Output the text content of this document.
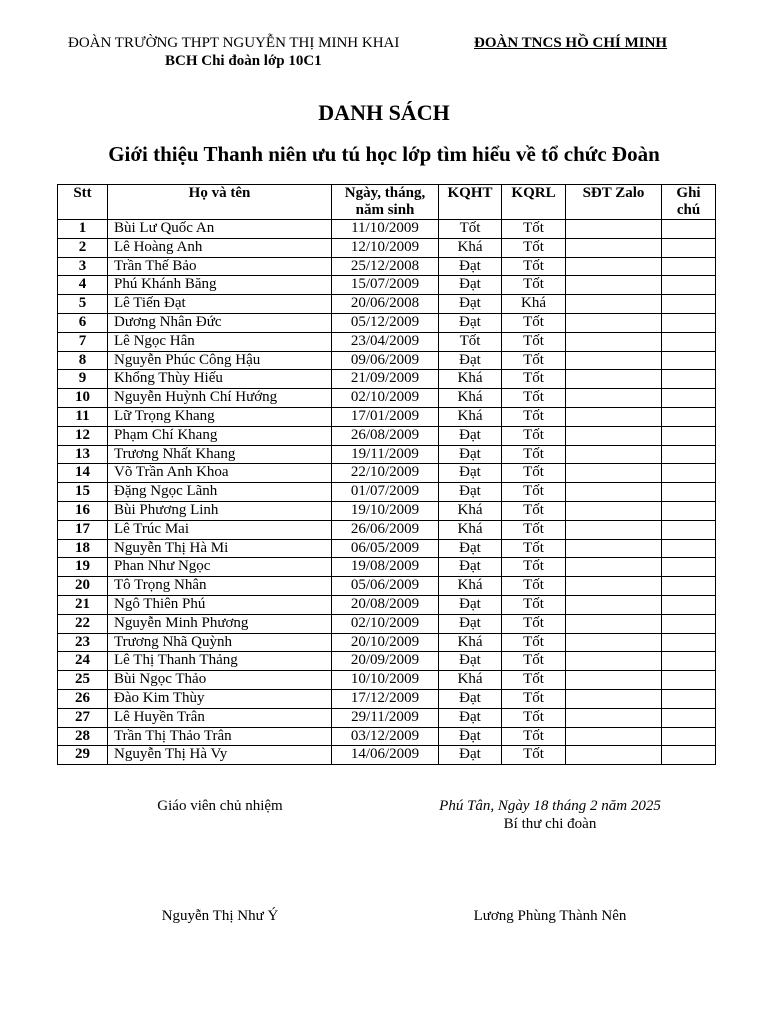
ĐOÀN TRƯỜNG THPT NGUYỄN THỊ MINH KHAI
BCH Chi đoàn lớp 10C1
ĐOÀN TNCS HỒ CHÍ MINH
DANH SÁCH
Giới thiệu Thanh niên ưu tú học lớp tìm hiểu về tổ chức Đoàn
Stt	Họ và tên	Ngày, tháng, năm sinh	KQHT	KQRL	SĐT Zalo	Ghi chú
1	Bùi Lư Quốc An	11/10/2009	Tốt	Tốt		
2	Lê Hoàng Anh	12/10/2009	Khá	Tốt		
3	Trần Thế Bảo	25/12/2008	Đạt	Tốt		
4	Phú Khánh Băng	15/07/2009	Đạt	Tốt		
5	Lê Tiến Đạt	20/06/2008	Đạt	Khá		
6	Dương Nhân Đức	05/12/2009	Đạt	Tốt		
7	Lê Ngọc Hân	23/04/2009	Tốt	Tốt		
8	Nguyễn Phúc Công Hậu	09/06/2009	Đạt	Tốt		
9	Khổng Thùy Hiếu	21/09/2009	Khá	Tốt		
10	Nguyễn Huỳnh Chí Hướng	02/10/2009	Khá	Tốt		
11	Lữ Trọng Khang	17/01/2009	Khá	Tốt		
12	Phạm Chí Khang	26/08/2009	Đạt	Tốt		
13	Trương Nhất Khang	19/11/2009	Đạt	Tốt		
14	Võ Trần Anh Khoa	22/10/2009	Đạt	Tốt		
15	Đặng Ngọc Lãnh	01/07/2009	Đạt	Tốt		
16	Bùi Phương Linh	19/10/2009	Khá	Tốt		
17	Lê Trúc Mai	26/06/2009	Khá	Tốt		
18	Nguyễn Thị Hà Mi	06/05/2009	Đạt	Tốt		
19	Phan Như Ngọc	19/08/2009	Đạt	Tốt		
20	Tô Trọng Nhân	05/06/2009	Khá	Tốt		
21	Ngô Thiên Phú	20/08/2009	Đạt	Tốt		
22	Nguyễn Minh Phương	02/10/2009	Đạt	Tốt		
23	Trương Nhã Quỳnh	20/10/2009	Khá	Tốt		
24	Lê Thị Thanh Thảng	20/09/2009	Đạt	Tốt		
25	Bùi Ngọc Thảo	10/10/2009	Khá	Tốt		
26	Đào Kim Thùy	17/12/2009	Đạt	Tốt		
27	Lê Huyền Trân	29/11/2009	Đạt	Tốt		
28	Trần Thị Thảo Trân	03/12/2009	Đạt	Tốt		
29	Nguyễn Thị Hà Vy	14/06/2009	Đạt	Tốt		
Giáo viên chủ nhiệm	Phú Tân, Ngày 18 tháng 2 năm 2025
Bí thư chi đoàn
Nguyễn Thị Như Ý	Lương Phùng Thành Nên
